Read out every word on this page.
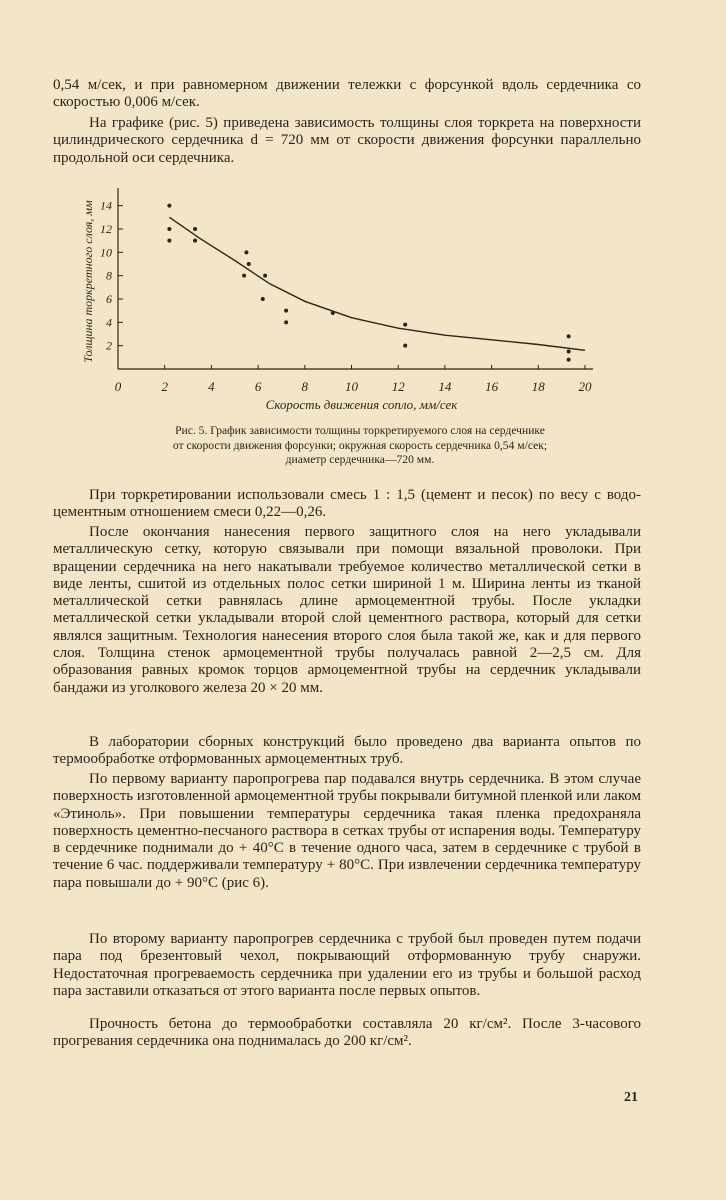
0,54 м/сек, и при равномерном движении тележки с форсункой вдоль сердечника со скоростью 0,006 м/сек.

На графике (рис. 5) приведена зависимость толщины слоя торкрета на поверхности цилиндрического сердечника d = 720 мм от скорости движения форсунки параллельно продольной оси сердечника.

0	2	4	6	8	10	12	14	16	18	20
2
4
6
8
10
12
14
Скорость движения сопло, мм/сек
Толщина торкретного слоя, мм
Рис. 5. График зависимости толщины торкретируемого слоя на сердечнике
от скорости движения форсунки; окружная скорость сердечника 0,54 м/сек;
диаметр сердечника—720 мм.

При торкретировании использовали смесь 1 : 1,5 (цемент и песок) по весу с водо-цементным отношением смеси 0,22—0,26.

После окончания нанесения первого защитного слоя на него укладывали металлическую сетку, которую связывали при помощи вязальной проволоки. При вращении сердечника на него накатывали требуемое количество металлической сетки в виде ленты, сшитой из отдельных полос сетки шириной 1 м. Ширина ленты из тканой металлической сетки равнялась длине армоцементной трубы. После укладки металлической сетки укладывали второй слой цементного раствора, который для сетки являлся защитным. Технология нанесения второго слоя была такой же, как и для первого слоя. Толщина стенок армоцементной трубы получалась равной 2—2,5 см. Для образования равных кромок торцов армоцементной трубы на сердечник укладывали бандажи из уголкового железа 20 × 20 мм.

В лаборатории сборных конструкций было проведено два варианта опытов по термообработке отформованных армоцементных труб.

По первому варианту паропрогрева пар подавался внутрь сердечника. В этом случае поверхность изготовленной армоцементной трубы покрывали битумной пленкой или лаком «Этиноль». При повышении температуры сердечника такая пленка предохраняла поверхность цементно-песчаного раствора в сетках трубы от испарения воды. Температуру в сердечнике поднимали до + 40°С в течение одного часа, затем в сердечнике с трубой в течение 6 час. поддерживали температуру + 80°С. При извлечении сердечника температуру пара повышали до + 90°С (рис 6).

По второму варианту паропрогрев сердечника с трубой был проведен путем подачи пара под брезентовый чехол, покрывающий отформованную трубу снаружи. Недостаточная прогреваемость сердечника при удалении его из трубы и большой расход пара заставили отказаться от этого варианта после первых опытов.

Прочность бетона до термообработки составляла 20 кг/см². После 3-часового прогревания сердечника она поднималась до 200 кг/см².

21
